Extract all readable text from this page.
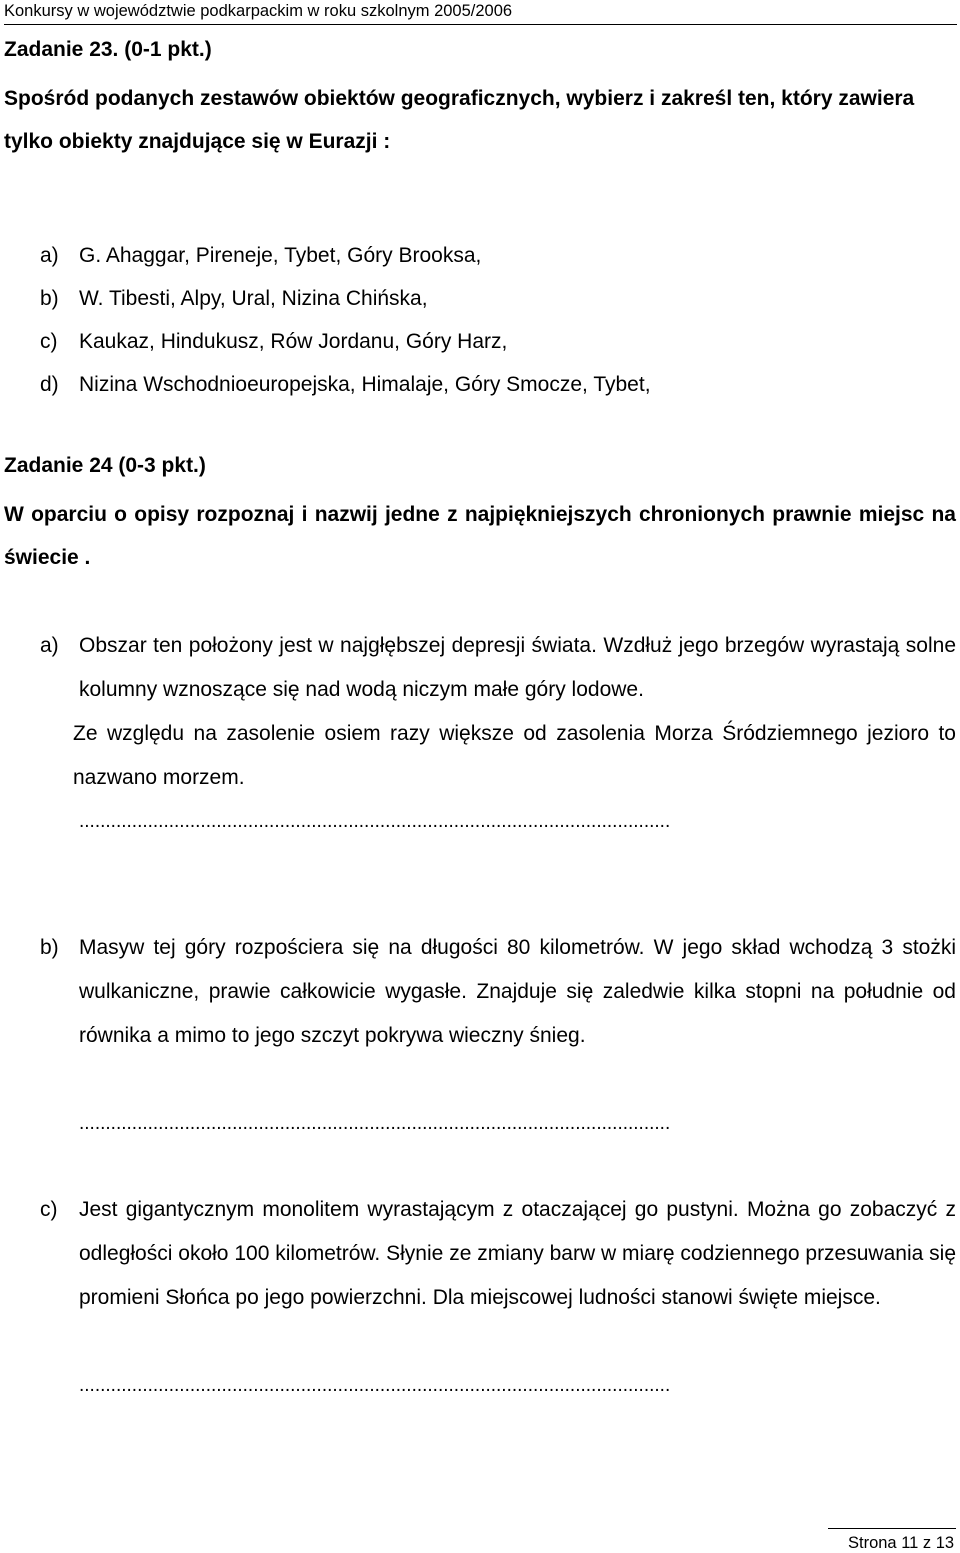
Konkursy w województwie podkarpackim w roku szkolnym 2005/2006
Zadanie 23. (0-1 pkt.)
Spośród podanych zestawów obiektów geograficznych, wybierz i zakreśl ten, który zawiera tylko obiekty znajdujące się w Eurazji :
a) G. Ahaggar, Pireneje, Tybet, Góry Brooksa,
b) W. Tibesti, Alpy, Ural, Nizina Chińska,
c) Kaukaz, Hindukusz, Rów Jordanu, Góry Harz,
d) Nizina Wschodnioeuropejska, Himalaje, Góry Smocze, Tybet,
Zadanie 24 (0-3 pkt.)
W oparciu o opisy rozpoznaj i nazwij jedne z najpiękniejszych chronionych prawnie miejsc na świecie .
a) Obszar ten położony jest w najgłębszej depresji świata. Wzdłuż jego brzegów wyrastają solne kolumny wznoszące się nad wodą niczym małe góry lodowe.
Ze względu na zasolenie osiem razy większe od zasolenia Morza Śródziemnego jezioro to nazwano morzem.
................................................................................................................
b) Masyw tej góry rozpościera się na długości 80 kilometrów. W jego skład wchodzą 3 stożki wulkaniczne, prawie całkowicie wygasłe. Znajduje się zaledwie kilka stopni na południe od równika a mimo to jego szczyt pokrywa wieczny śnieg.
................................................................................................................
c) Jest gigantycznym monolitem wyrastającym z otaczającej go pustyni. Można go zobaczyć z odległości około 100 kilometrów. Słynie ze zmiany barw w miarę codziennego przesuwania się promieni Słońca po jego powierzchni. Dla miejscowej ludności stanowi święte miejsce.
................................................................................................................
Strona 11 z 13
